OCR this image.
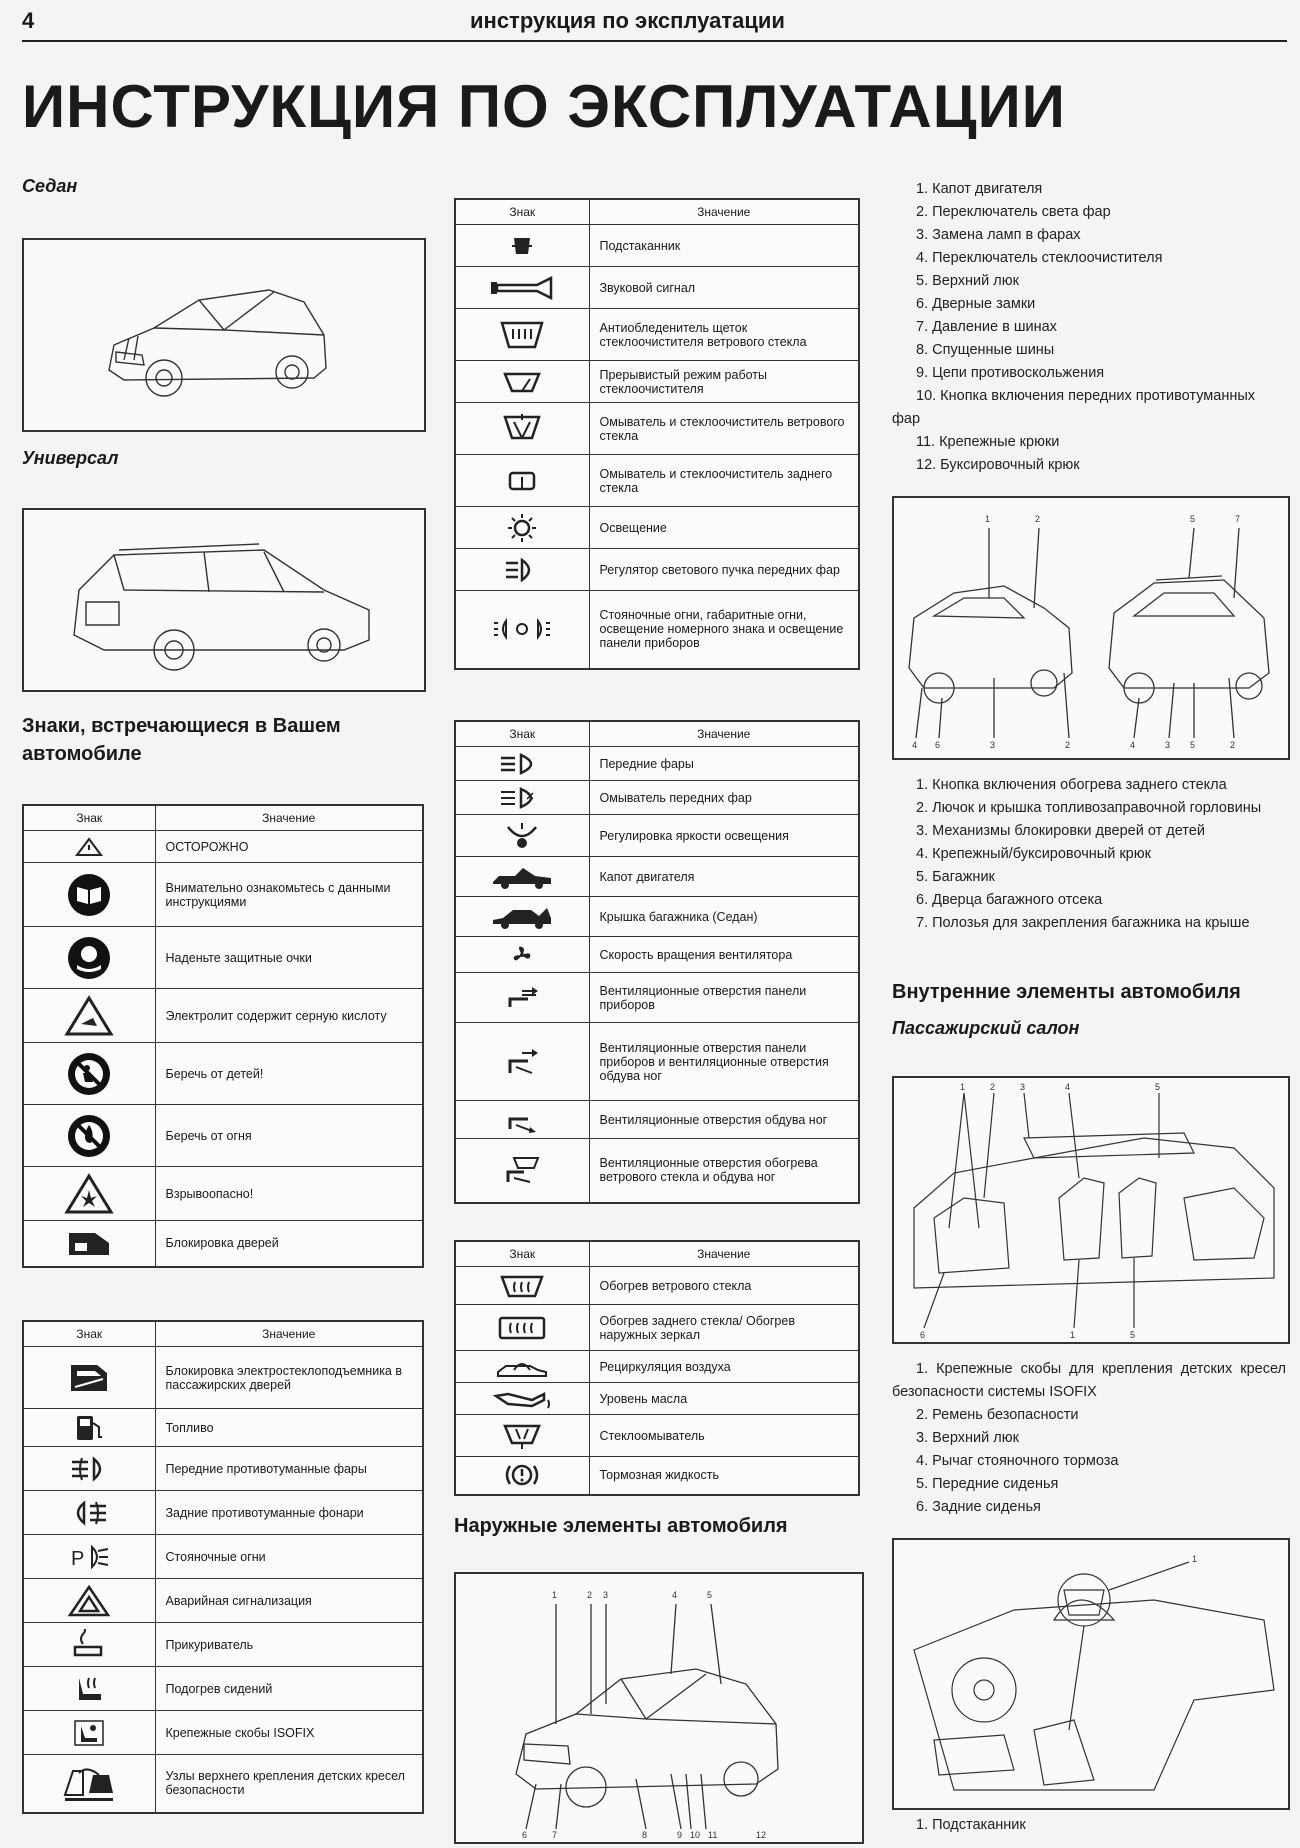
4	инструкция по эксплуатации
ИНСТРУКЦИЯ ПО ЭКСПЛУАТАЦИИ
Седан
Универсал
Знаки, встречающиеся в Вашем автомобиле
Знак	Значение

	ОСТОРОЖНО

	Внимательно ознакомьтесь с данными инструкциями

	Наденьте защитные очки

	Электролит содержит серную кислоту

	Беречь от детей!

	Беречь от огня

	Взрывоопасно!

	Блокировка дверей
Знак	Значение

	Блокировка электростеклоподъемника в пассажирских дверей

	Топливо

	Передние противотуманные фары

	Задние противотуманные фонари

P	Стояночные огни

	Аварийная сигнализация

	Прикуриватель

	Подогрев сидений

	Крепежные скобы ISOFIX

	Узлы верхнего крепления детских кресел безопасности
Знак	Значение

	Подстаканник

	Звуковой сигнал

	Антиобледенитель щеток стеклоочистителя ветрового стекла

	Прерывистый режим работы стеклоочистителя

	Омыватель и стеклоочиститель ветрового стекла

	Омыватель и стеклоочиститель заднего стекла

	Освещение

	Регулятор светового пучка передних фар

	Стояночные огни, габаритные огни, освещение номерного знака и освещение панели приборов
Знак	Значение

	Передние фары

	Омыватель передних фар

	Регулировка яркости освещения

	Капот двигателя

	Крышка багажника (Седан)

	Скорость вращения вентилятора

	Вентиляционные отверстия панели приборов

	Вентиляционные отверстия панели приборов и вентиляционные отверстия обдува ног

	Вентиляционные отверстия обдува ног

	Вентиляционные отверстия обогрева ветрового стекла и обдува ног
Знак	Значение

	Обогрев ветрового стекла

	Обогрев заднего стекла/ Обогрев наружных зеркал

	Рециркуляция воздуха

	Уровень масла

	Стеклоомыватель

	Тормозная жидкость
Наружные элементы автомобиля
1	2 3	4	5
6	7	8	9 10 11	12
1. Капот двигателя
2. Переключатель света фар
3. Замена ламп в фарах
4. Переключатель стеклоочистителя
5. Верхний люк
6. Дверные замки
7. Давление в шинах
8. Спущенные шины
9. Цепи противоскольжения
10. Кнопка включения передних противотуманных фар
11. Крепежные крюки
12. Буксировочный крюк
1	2	5	7
4 6	3	2	4	3 5	2
1. Кнопка включения обогрева заднего стекла
2. Лючок и крышка топливозаправочной горловины
3. Механизмы блокировки дверей от детей
4. Крепежный/буксировочный крюк
5. Багажник
6. Дверца багажного отсека
7. Полозья для закрепления багажника на крыше
Внутренние элементы автомобиля
Пассажирский салон
1	2	3	4	5
6	1	5
1. Крепежные скобы для крепления детских кресел безопасности системы ISOFIX
2. Ремень безопасности
3. Верхний люк
4. Рычаг стояночного тормоза
5. Передние сиденья
6. Задние сиденья
1
1. Подстаканник
